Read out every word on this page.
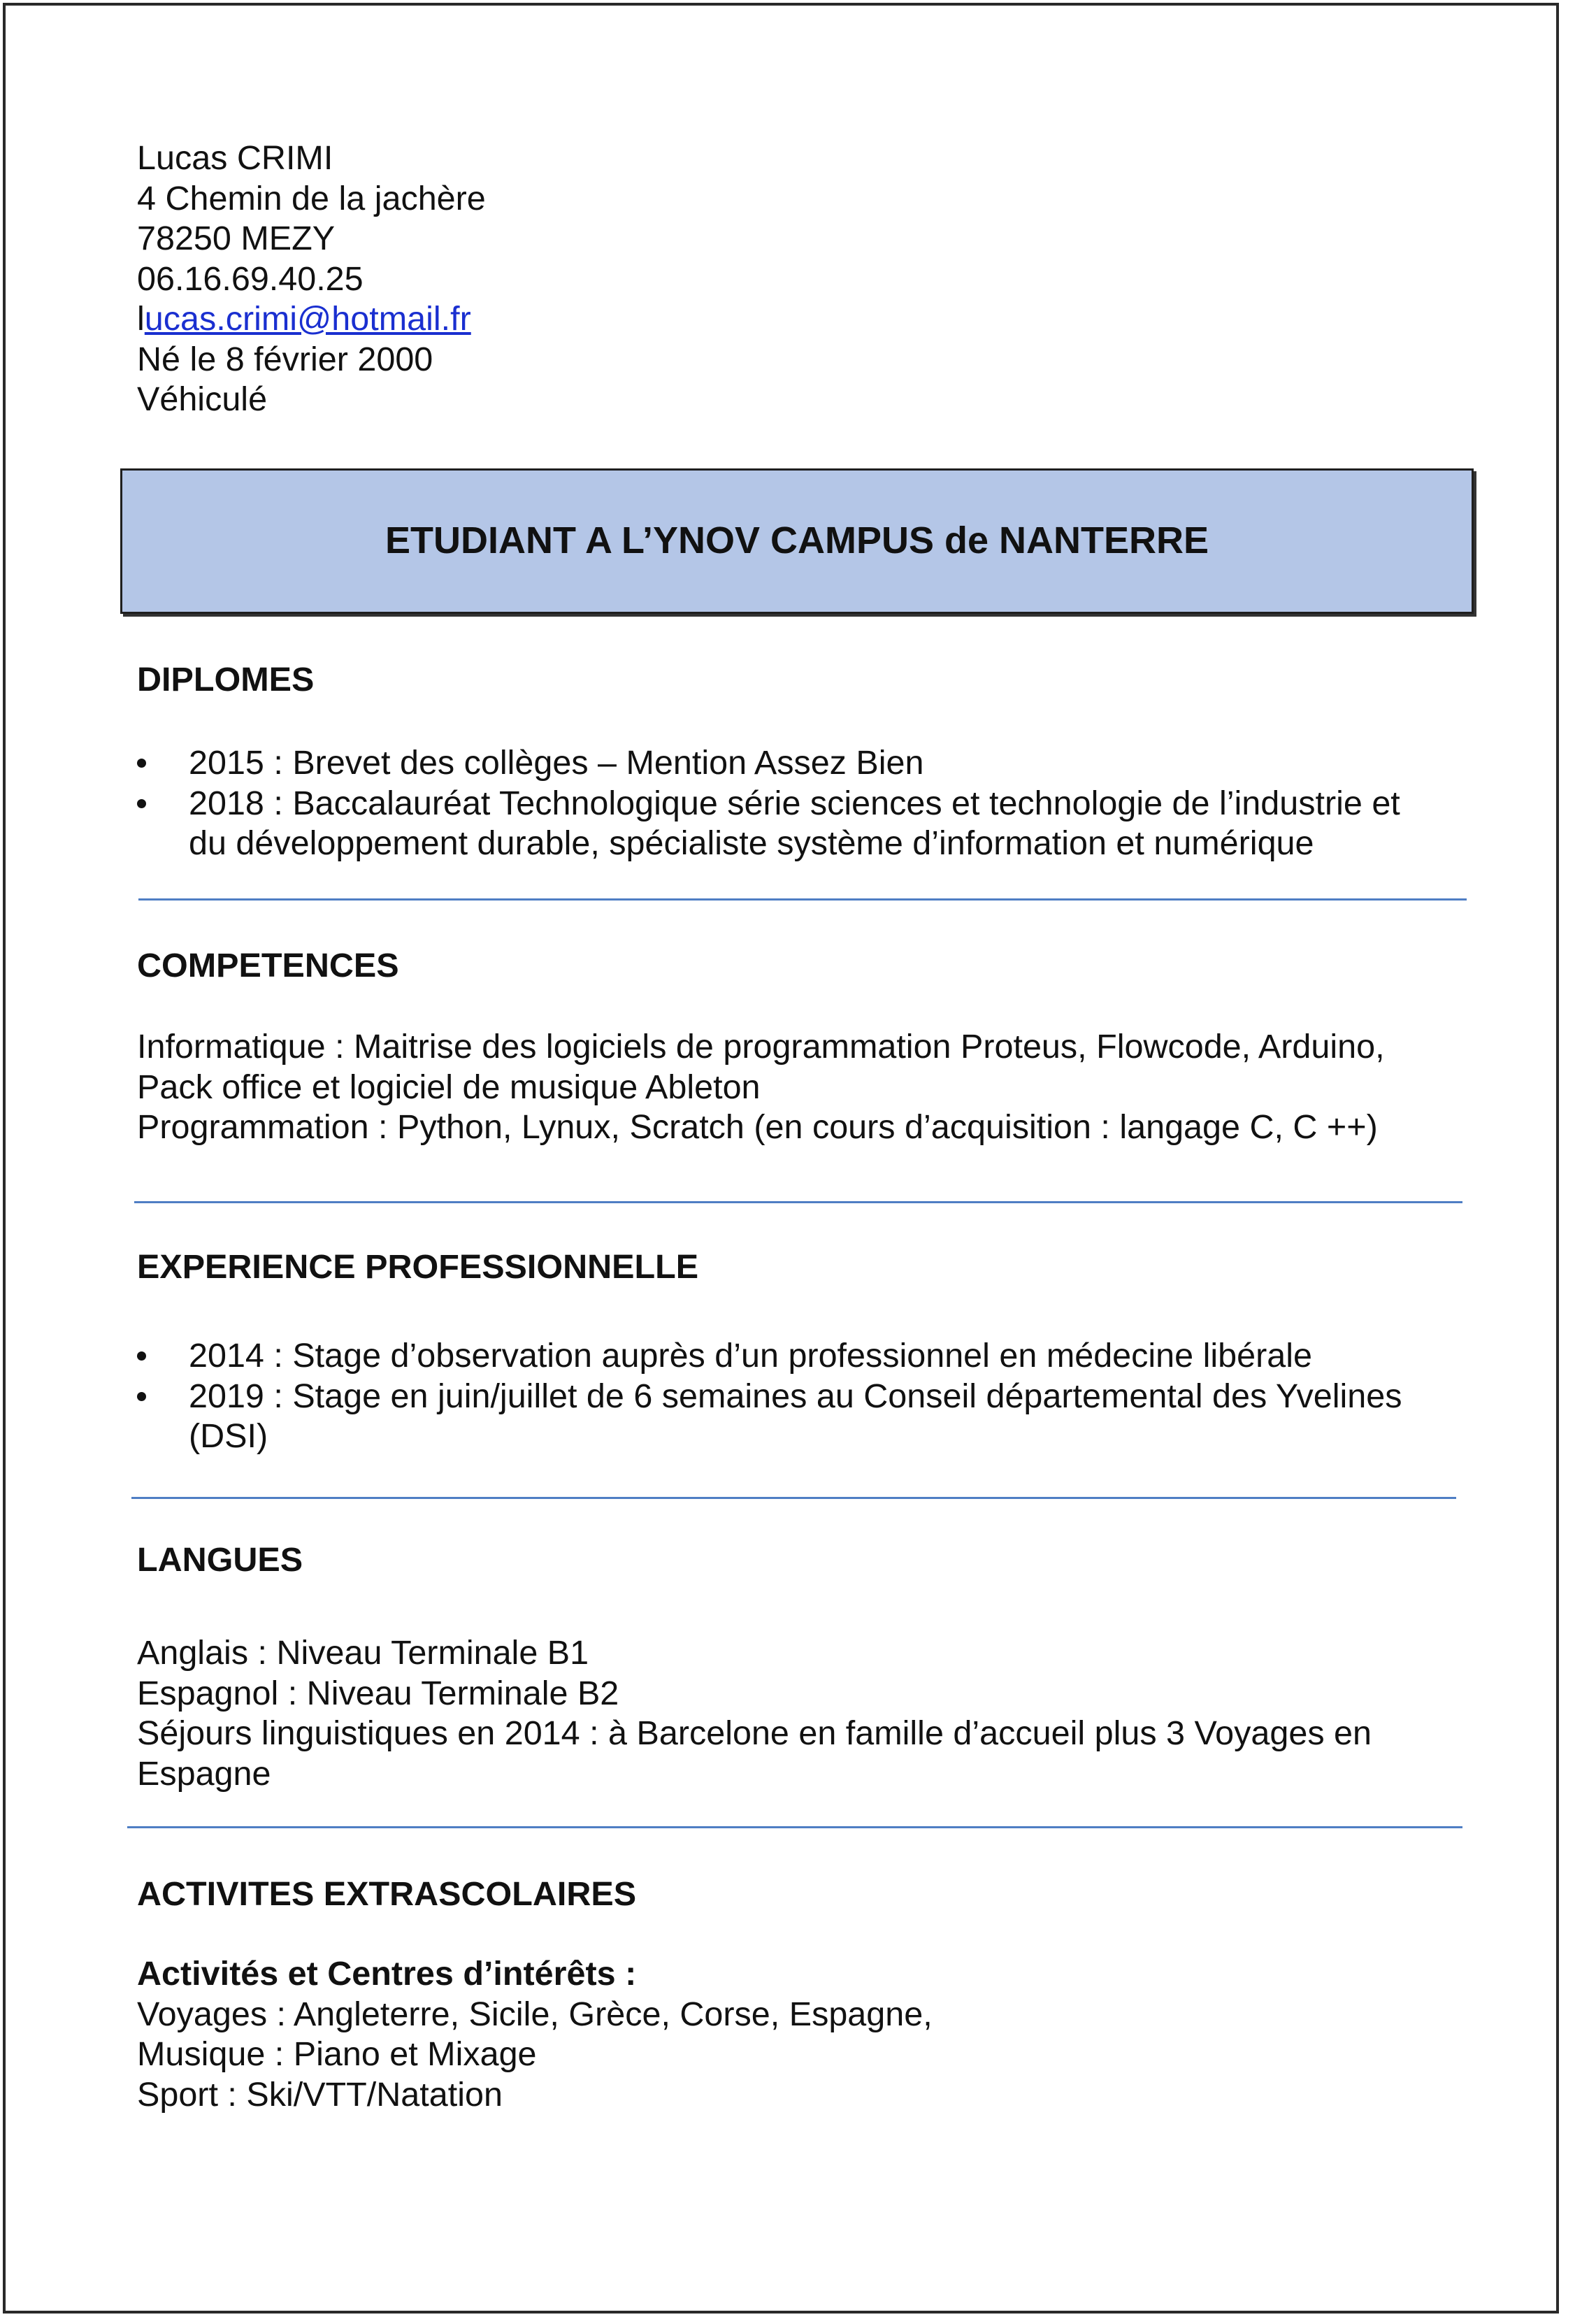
Lucas CRIMI
4 Chemin de la jachère
78250 MEZY
06.16.69.40.25
lucas.crimi@hotmail.fr
Né le 8 février 2000
Véhiculé
ETUDIANT A L’YNOV CAMPUS de NANTERRE
DIPLOMES
2015 : Brevet des collèges – Mention Assez Bien
2018 : Baccalauréat Technologique série sciences et technologie de l’industrie et
du développement durable, spécialiste système d’information et numérique
COMPETENCES
Informatique : Maitrise des logiciels de programmation Proteus, Flowcode, Arduino,
Pack office et logiciel de musique Ableton
Programmation : Python, Lynux, Scratch (en cours d’acquisition : langage C, C ++)
EXPERIENCE PROFESSIONNELLE
2014 : Stage d’observation auprès d’un professionnel en médecine libérale
2019 : Stage en juin/juillet de 6 semaines au Conseil départemental des Yvelines
(DSI)
LANGUES
Anglais : Niveau Terminale B1
Espagnol : Niveau Terminale B2
Séjours linguistiques en 2014 : à Barcelone en famille d’accueil plus 3 Voyages en
Espagne
ACTIVITES EXTRASCOLAIRES
Activités et Centres d’intérêts :
Voyages : Angleterre, Sicile, Grèce, Corse, Espagne,
Musique : Piano et Mixage
Sport : Ski/VTT/Natation
